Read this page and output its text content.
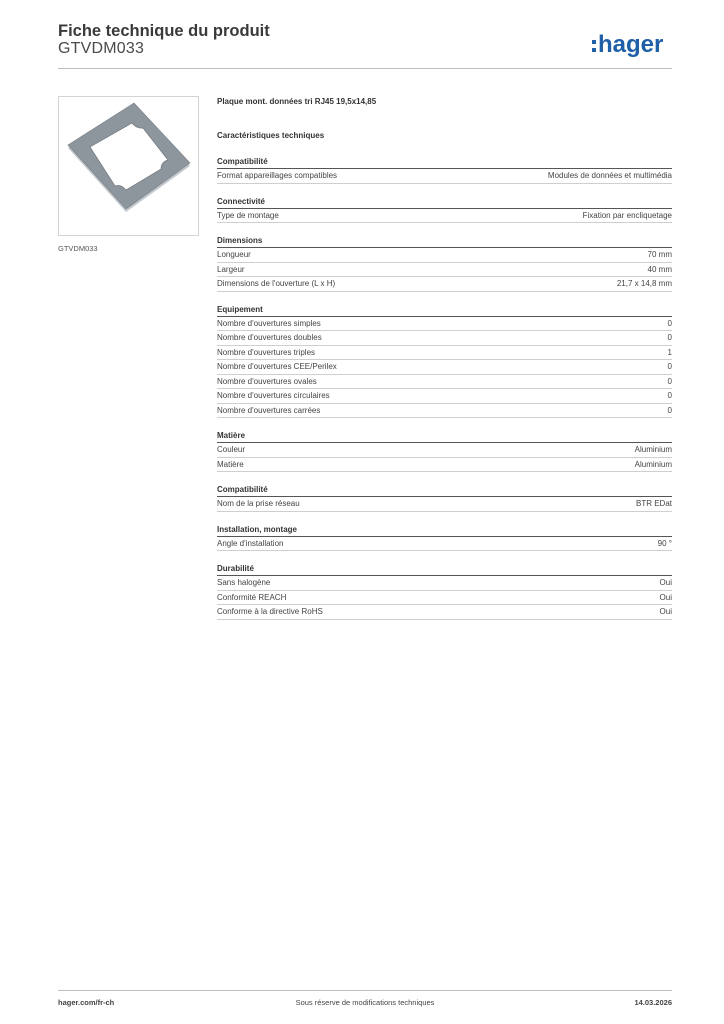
Fiche technique du produit
GTVDM033	hager
GTVDM033
Plaque mont. données tri RJ45 19,5x14,85
Caractéristiques techniques
Compatibilité
Format appareillages compatibles	Modules de données et multimédia
Connectivité
Type de montage	Fixation par encliquetage
Dimensions
Longueur	70 mm
Largeur	40 mm
Dimensions de l'ouverture (L x H)	21,7 x 14,8 mm
Equipement
Nombre d'ouvertures simples	0
Nombre d'ouvertures doubles	0
Nombre d'ouvertures triples	1
Nombre d'ouvertures CEE/Perilex	0
Nombre d'ouvertures ovales	0
Nombre d'ouvertures circulaires	0
Nombre d'ouvertures carrées	0
Matière
Couleur	Aluminium
Matière	Aluminium
Compatibilité
Nom de la prise réseau	BTR EDat
Installation, montage
Angle d'installation	90 °
Durabilité
Sans halogène	Oui
Conformité REACH	Oui
Conforme à la directive RoHS	Oui
hager.com/fr-ch	Sous réserve de modifications techniques	14.03.2026
